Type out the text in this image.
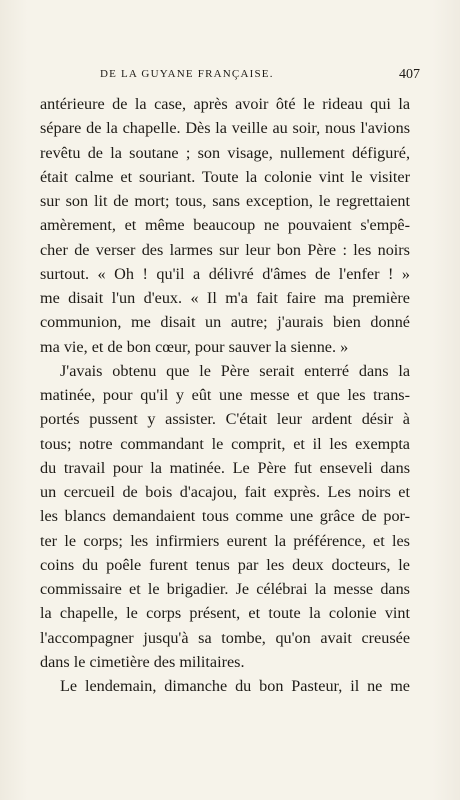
DE LA GUYANE FRANÇAISE.	407
antérieure de la case, après avoir ôté le rideau qui la
sépare de la chapelle. Dès la veille au soir, nous l'avions
revêtu de la soutane ; son visage, nullement défiguré,
était calme et souriant. Toute la colonie vint le visiter
sur son lit de mort; tous, sans exception, le regrettaient
amèrement, et même beaucoup ne pouvaient s'empê-
cher de verser des larmes sur leur bon Père : les noirs
surtout. « Oh ! qu'il a délivré d'âmes de l'enfer ! »
me disait l'un d'eux. « Il m'a fait faire ma première
communion, me disait un autre; j'aurais bien donné
ma vie, et de bon cœur, pour sauver la sienne. »
J'avais obtenu que le Père serait enterré dans la
matinée, pour qu'il y eût une messe et que les trans-
portés pussent y assister. C'était leur ardent désir à
tous; notre commandant le comprit, et il les exempta
du travail pour la matinée. Le Père fut enseveli dans
un cercueil de bois d'acajou, fait exprès. Les noirs et
les blancs demandaient tous comme une grâce de por-
ter le corps; les infirmiers eurent la préférence, et les
coins du poêle furent tenus par les deux docteurs, le
commissaire et le brigadier. Je célébrai la messe dans
la chapelle, le corps présent, et toute la colonie vint
l'accompagner jusqu'à sa tombe, qu'on avait creusée
dans le cimetière des militaires.
Le lendemain, dimanche du bon Pasteur, il ne me
